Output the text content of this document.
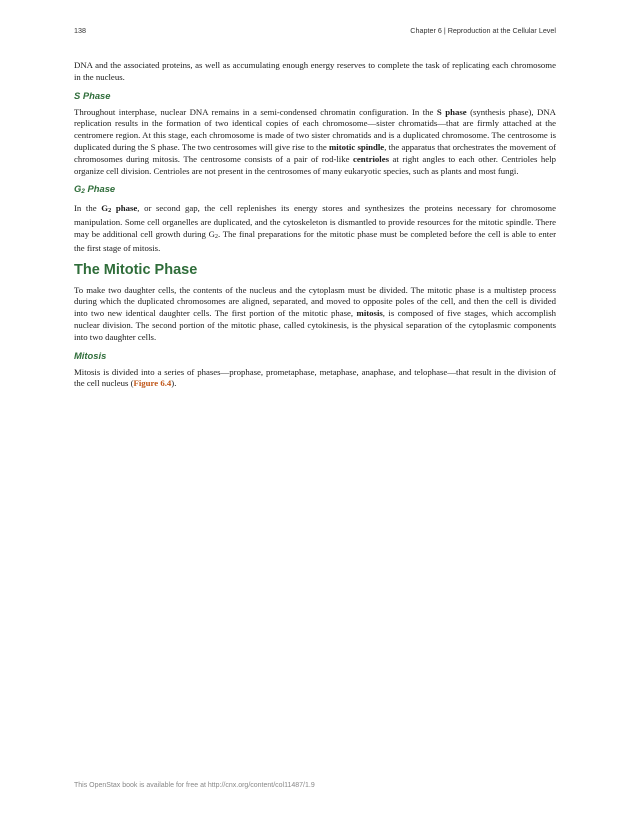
138	Chapter 6 | Reproduction at the Cellular Level

DNA and the associated proteins, as well as accumulating enough energy reserves to complete the task of replicating each chromosome in the nucleus.

S Phase

Throughout interphase, nuclear DNA remains in a semi-condensed chromatin configuration. In the S phase (synthesis phase), DNA replication results in the formation of two identical copies of each chromosome—sister chromatids—that are firmly attached at the centromere region. At this stage, each chromosome is made of two sister chromatids and is a duplicated chromosome. The centrosome is duplicated during the S phase. The two centrosomes will give rise to the mitotic spindle, the apparatus that orchestrates the movement of chromosomes during mitosis. The centrosome consists of a pair of rod-like centrioles at right angles to each other. Centrioles help organize cell division. Centrioles are not present in the centrosomes of many eukaryotic species, such as plants and most fungi.

$G_2$ Phase

In the $G_2$ phase, or second gap, the cell replenishes its energy stores and synthesizes the proteins necessary for chromosome manipulation. Some cell organelles are duplicated, and the cytoskeleton is dismantled to provide resources for the mitotic spindle. There may be additional cell growth during $G_2$. The final preparations for the mitotic phase must be completed before the cell is able to enter the first stage of mitosis.

The Mitotic Phase

To make two daughter cells, the contents of the nucleus and the cytoplasm must be divided. The mitotic phase is a multistep process during which the duplicated chromosomes are aligned, separated, and moved to opposite poles of the cell, and then the cell is divided into two new identical daughter cells. The first portion of the mitotic phase, mitosis, is composed of five stages, which accomplish nuclear division. The second portion of the mitotic phase, called cytokinesis, is the physical separation of the cytoplasmic components into two daughter cells.

Mitosis

Mitosis is divided into a series of phases—prophase, prometaphase, metaphase, anaphase, and telophase—that result in the division of the cell nucleus (Figure 6.4).

This OpenStax book is available for free at http://cnx.org/content/col11487/1.9
